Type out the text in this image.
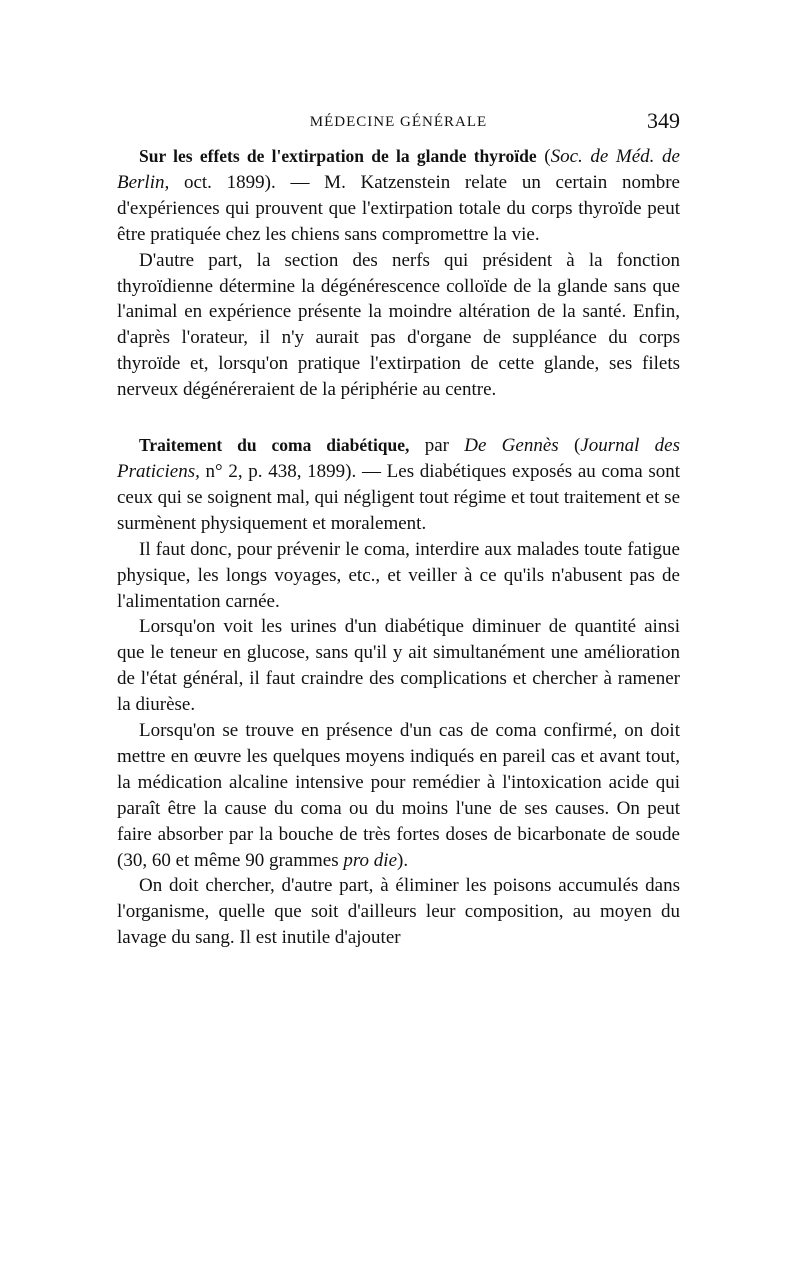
MÉDECINE GÉNÉRALE	349

Sur les effets de l'extirpation de la glande thyroïde (Soc. de Méd. de Berlin, oct. 1899). — M. Katzenstein relate un certain nombre d'expériences qui prouvent que l'extirpation totale du corps thyroïde peut être pratiquée chez les chiens sans compromettre la vie.

D'autre part, la section des nerfs qui président à la fonction thyroïdienne détermine la dégénérescence colloïde de la glande sans que l'animal en expérience présente la moindre altération de la santé. Enfin, d'après l'orateur, il n'y aurait pas d'organe de suppléance du corps thyroïde et, lorsqu'on pratique l'extirpation de cette glande, ses filets nerveux dégénéreraient de la périphérie au centre.

Traitement du coma diabétique, par De Gennès (Journal des Praticiens, n° 2, p. 438, 1899). — Les diabétiques exposés au coma sont ceux qui se soignent mal, qui négligent tout régime et tout traitement et se surmènent physiquement et moralement.

Il faut donc, pour prévenir le coma, interdire aux malades toute fatigue physique, les longs voyages, etc., et veiller à ce qu'ils n'abusent pas de l'alimentation carnée.

Lorsqu'on voit les urines d'un diabétique diminuer de quantité ainsi que le teneur en glucose, sans qu'il y ait simultanément une amélioration de l'état général, il faut craindre des complications et chercher à ramener la diurèse.

Lorsqu'on se trouve en présence d'un cas de coma confirmé, on doit mettre en œuvre les quelques moyens indiqués en pareil cas et avant tout, la médication alcaline intensive pour remédier à l'intoxication acide qui paraît être la cause du coma ou du moins l'une de ses causes. On peut faire absorber par la bouche de très fortes doses de bicarbonate de soude (30, 60 et même 90 grammes pro die).

On doit chercher, d'autre part, à éliminer les poisons accumulés dans l'organisme, quelle que soit d'ailleurs leur composition, au moyen du lavage du sang. Il est inutile d'ajouter
